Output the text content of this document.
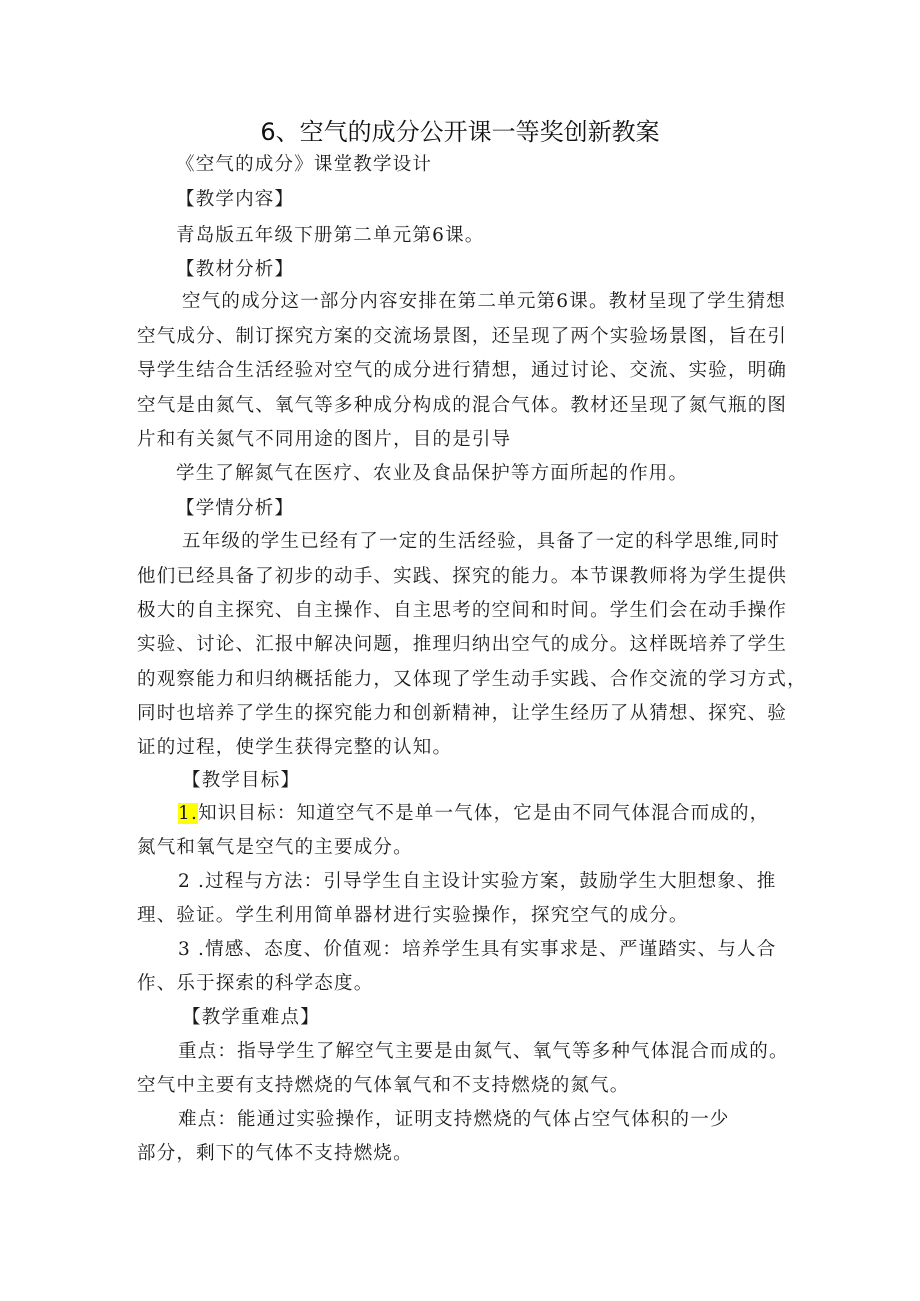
6、空气的成分公开课一等奖创新教案
《空气的成分》课堂教学设计
【教学内容】
青岛版五年级下册第二单元第6课。
【教材分析】
空气的成分这一部分内容安排在第二单元第6课。教材呈现了学生猜想
空气成分、制订探究方案的交流场景图，还呈现了两个实验场景图，旨在引
导学生结合生活经验对空气的成分进行猜想，通过讨论、交流、实验，明确
空气是由氮气、氧气等多种成分构成的混合气体。教材还呈现了氮气瓶的图
片和有关氮气不同用途的图片，目的是引导
学生了解氮气在医疗、农业及食品保护等方面所起的作用。
【学情分析】
五年级的学生已经有了一定的生活经验，具备了一定的科学思维,同时
他们已经具备了初步的动手、实践、探究的能力。本节课教师将为学生提供
极大的自主探究、自主操作、自主思考的空间和时间。学生们会在动手操作
实验、讨论、汇报中解决问题，推理归纳出空气的成分。这样既培养了学生
的观察能力和归纳概括能力，又体现了学生动手实践、合作交流的学习方式，
同时也培养了学生的探究能力和创新精神，让学生经历了从猜想、探究、验
证的过程，使学生获得完整的认知。
【教学目标】
1.知识目标：知道空气不是单一气体，它是由不同气体混合而成的，
氮气和氧气是空气的主要成分。
2 .过程与方法：引导学生自主设计实验方案，鼓励学生大胆想象、推
理、验证。学生利用简单器材进行实验操作，探究空气的成分。
3 .情感、态度、价值观：培养学生具有实事求是、严谨踏实、与人合
作、乐于探索的科学态度。
【教学重难点】
重点：指导学生了解空气主要是由氮气、氧气等多种气体混合而成的。
空气中主要有支持燃烧的气体氧气和不支持燃烧的氮气。
难点：能通过实验操作，证明支持燃烧的气体占空气体积的一少
部分，剩下的气体不支持燃烧。
